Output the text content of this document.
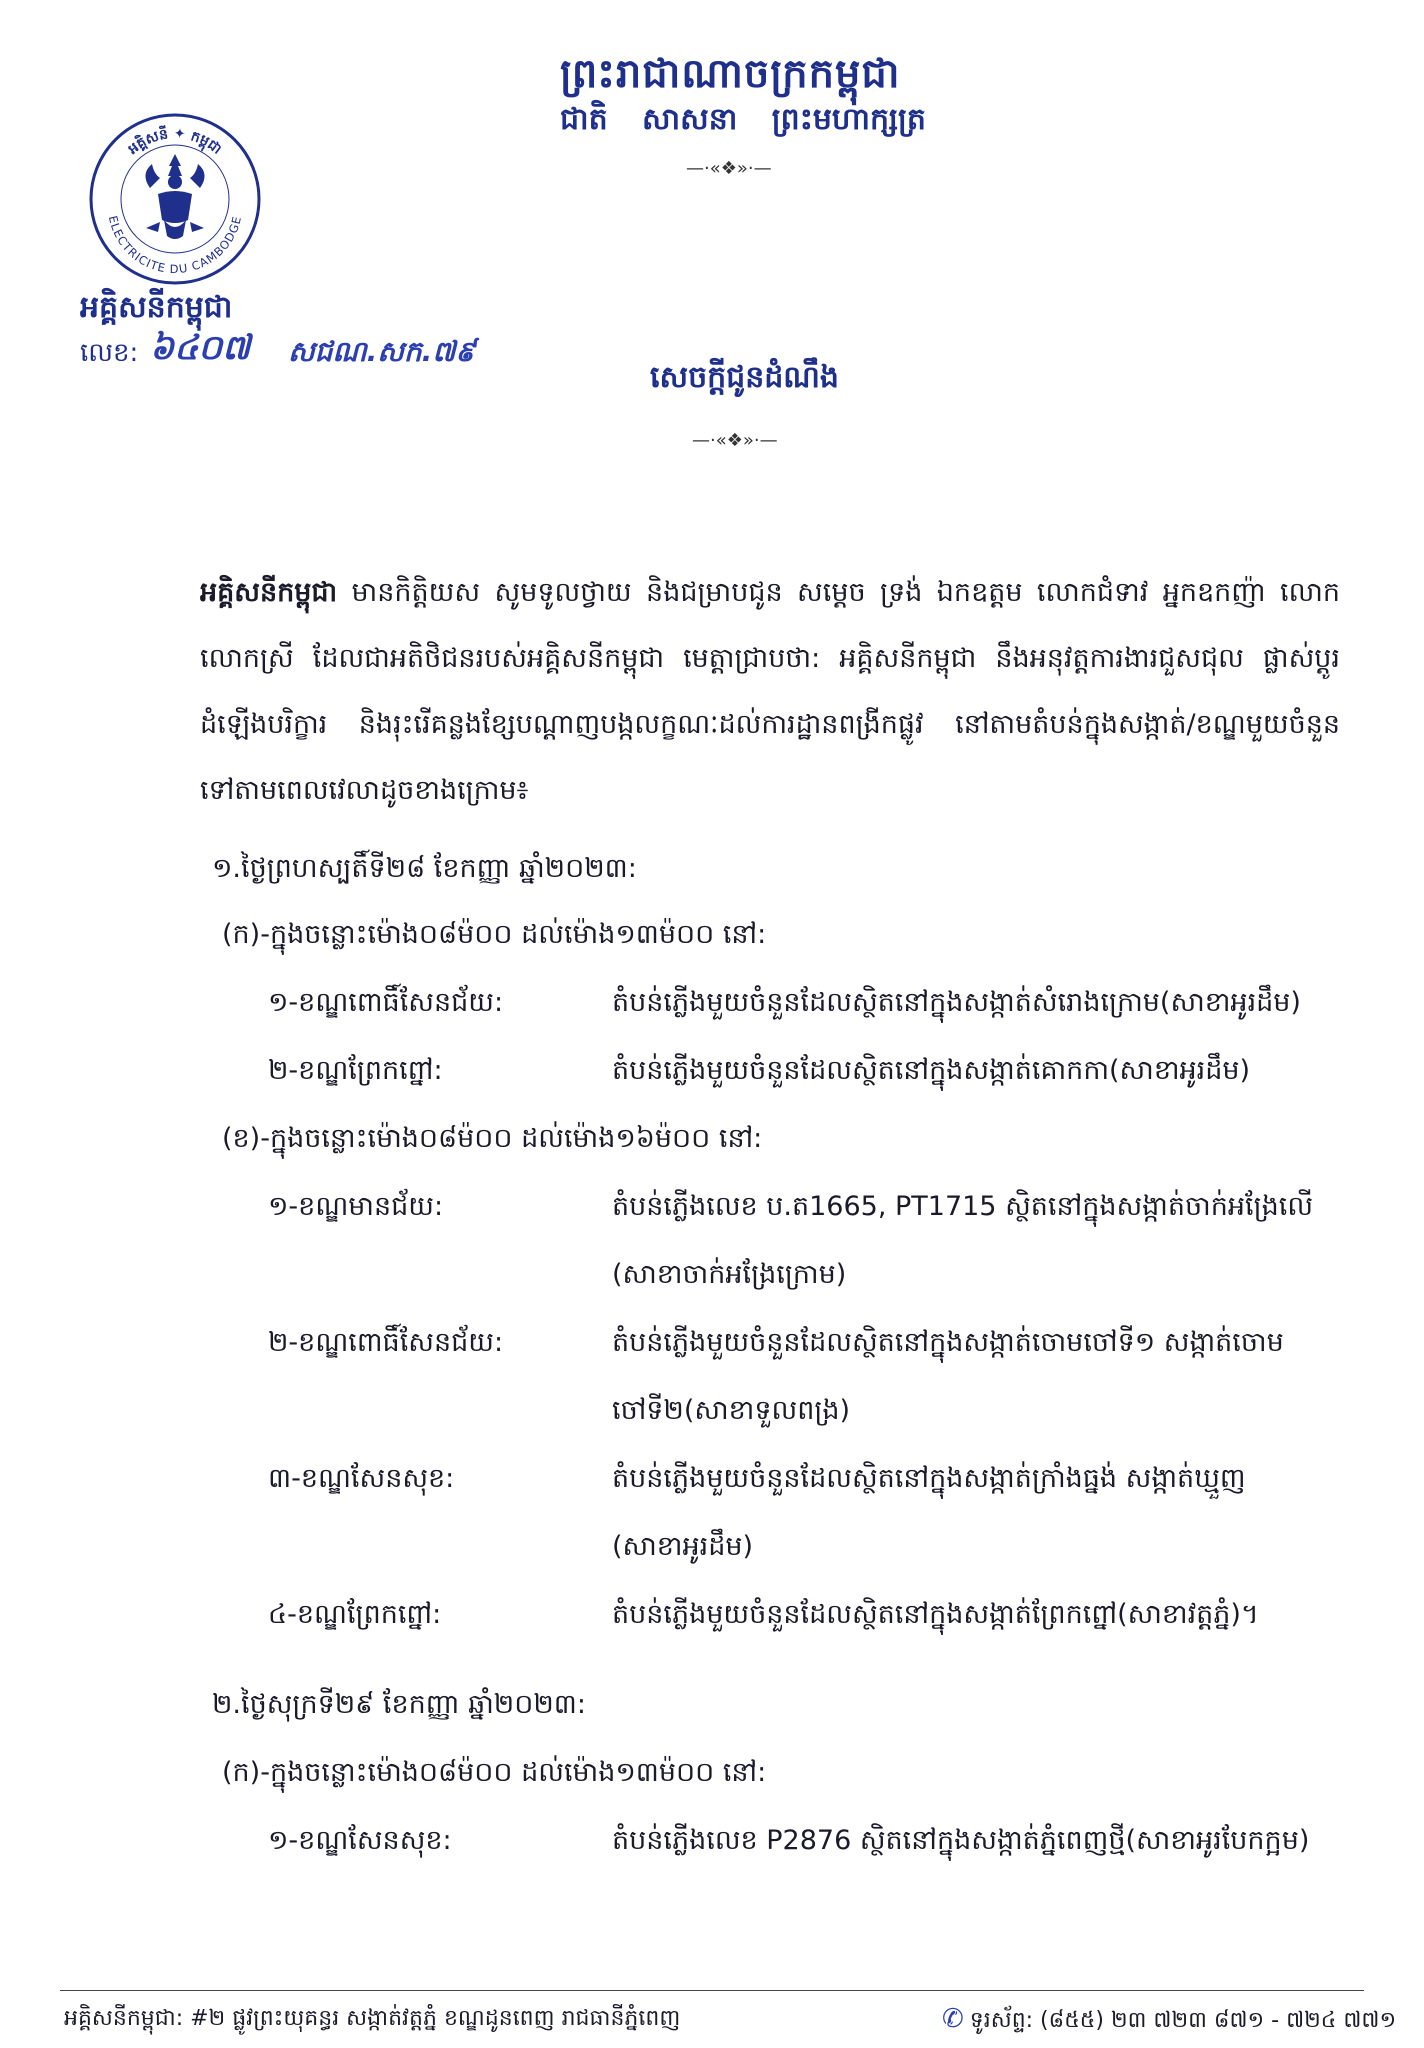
ព្រះរាជាណាចក្រកម្ពុជា
ជាតិ សាសនា ព្រះមហាក្សត្រ
—·«❖»·—
អគ្គិសនី ✦ កម្ពុជា
ELECTRICITE DU CAMBODGE
អគ្គិសនីកម្ពុជា
លេខ: ៦៤០៧ សជណ.សក.៧៩
សេចក្តីជូនដំណឹង
—·«❖»·—
អគ្គិសនីកម្ពុជា មានកិត្តិយស សូមទូលថ្វាយ និងជម្រាបជូន សម្តេច ទ្រង់ ឯកឧត្តម លោកជំទាវ អ្នកឧកញ៉ា លោក លោកស្រី ដែលជាអតិថិជនរបស់អគ្គិសនីកម្ពុជា មេត្តាជ្រាបថា: អគ្គិសនីកម្ពុជា នឹងអនុវត្តការងារជួសជុល ផ្លាស់ប្តូរដំឡើងបរិក្ខារ និងរុះរើគន្លងខ្សែបណ្តាញបង្កលក្ខណៈដល់ការដ្ឋានពង្រីកផ្លូវ នៅតាមតំបន់ក្នុងសង្កាត់/ខណ្ឌមួយចំនួនទៅតាមពេលវេលាដូចខាងក្រោម៖
១.ថ្ងៃព្រហស្បតិ៍ទី២៨ ខែកញ្ញា ឆ្នាំ២០២៣:
(ក)-ក្នុងចន្លោះម៉ោង០៨ម៉០០ ដល់ម៉ោង១៣ម៉០០ នៅ:
១-ខណ្ឌពោធិ៍សែនជ័យ:	តំបន់ភ្លើងមួយចំនួនដែលស្ថិតនៅក្នុងសង្កាត់សំរោងក្រោម(សាខាអូរដឹម)
២-ខណ្ឌព្រែកព្នៅ:	តំបន់ភ្លើងមួយចំនួនដែលស្ថិតនៅក្នុងសង្កាត់គោកកា(សាខាអូរដឹម)
(ខ)-ក្នុងចន្លោះម៉ោង០៨ម៉០០ ដល់ម៉ោង១៦ម៉០០ នៅ:
១-ខណ្ឌមានជ័យ:	តំបន់ភ្លើងលេខ ប.ត1665, PT1715 ស្ថិតនៅក្នុងសង្កាត់ចាក់អង្រែលើ
(សាខាចាក់អង្រែក្រោម)
២-ខណ្ឌពោធិ៍សែនជ័យ:	តំបន់ភ្លើងមួយចំនួនដែលស្ថិតនៅក្នុងសង្កាត់ចោមចៅទី១ សង្កាត់ចោម
ចៅទី២(សាខាទួលពង្រ)
៣-ខណ្ឌសែនសុខ:	តំបន់ភ្លើងមួយចំនួនដែលស្ថិតនៅក្នុងសង្កាត់ក្រាំងធ្នង់ សង្កាត់ឃ្មួញ
(សាខាអូរដឹម)
៤-ខណ្ឌព្រែកព្នៅ:	តំបន់ភ្លើងមួយចំនួនដែលស្ថិតនៅក្នុងសង្កាត់ព្រែកព្នៅ(សាខាវត្តភ្នំ)។
២.ថ្ងៃសុក្រទី២៩ ខែកញ្ញា ឆ្នាំ២០២៣:
(ក)-ក្នុងចន្លោះម៉ោង០៨ម៉០០ ដល់ម៉ោង១៣ម៉០០ នៅ:
១-ខណ្ឌសែនសុខ:	តំបន់ភ្លើងលេខ P2876 ស្ថិតនៅក្នុងសង្កាត់ភ្នំពេញថ្មី(សាខាអូរបែកក្អម)
អគ្គិសនីកម្ពុជា: #២ ផ្លូវព្រះយុគន្ធរ សង្កាត់វត្តភ្នំ ខណ្ឌដូនពេញ រាជធានីភ្នំពេញ	✆ ទូរស័ព្ទ: (៨៥៥) ២៣ ៧២៣ ៨៧១ - ៧២៤ ៧៧១
